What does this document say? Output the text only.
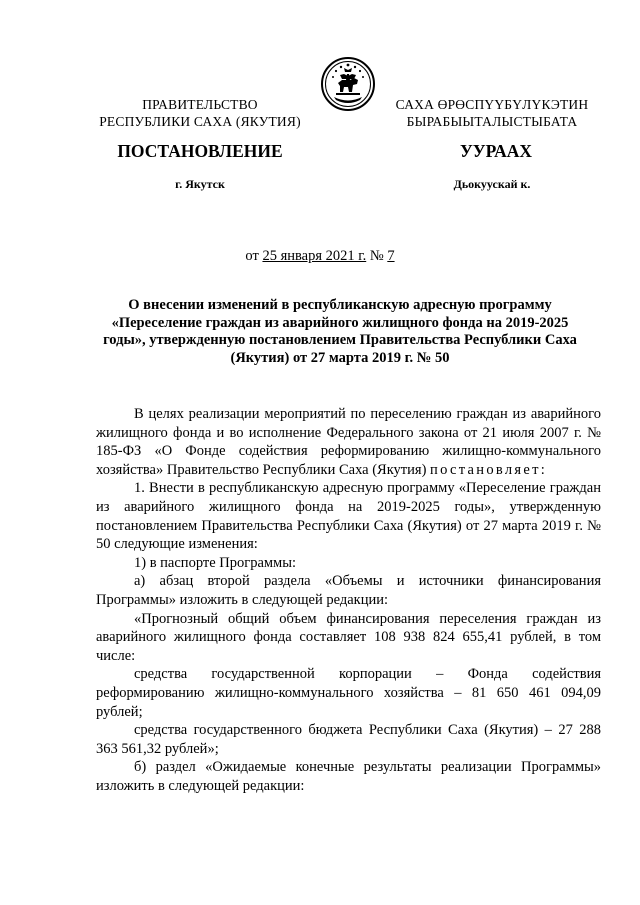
ПРАВИТЕЛЬСТВО
РЕСПУБЛИКИ САХА (ЯКУТИЯ)
САХА ӨРӨСПҮҮБҮЛҮКЭТИН
БЫРАБЫЫТАЛЫСТЫБАТА
ПОСТАНОВЛЕНИЕ	УУРААХ
г. Якутск	Дьокуускай к.
от 25 января 2021 г. № 7
О внесении изменений в республиканскую адресную программу
«Переселение граждан из аварийного жилищного фонда на 2019-2025
годы», утвержденную постановлением Правительства Республики Саха
(Якутия) от 27 марта 2019 г. № 50

В целях реализации мероприятий по переселению граждан из аварийного жилищного фонда и во исполнение Федерального закона от 21 июля 2007 г. № 185-ФЗ «О Фонде содействия реформированию жилищно-коммунального хозяйства» Правительство Республики Саха (Якутия) постановляет:

1. Внести в республиканскую адресную программу «Переселение граждан из аварийного жилищного фонда на 2019-2025 годы», утвержденную постановлением Правительства Республики Саха (Якутия) от 27 марта 2019 г. № 50 следующие изменения:

1) в паспорте Программы:

а) абзац второй раздела «Объемы и источники финансирования Программы» изложить в следующей редакции:

«Прогнозный общий объем финансирования переселения граждан из аварийного жилищного фонда составляет 108 938 824 655,41 рублей, в том числе:

средства государственной корпорации – Фонда содействия реформированию жилищно-коммунального хозяйства – 81 650 461 094,09 рублей;

средства государственного бюджета Республики Саха (Якутия) – 27 288 363 561,32 рублей»;

б) раздел «Ожидаемые конечные результаты реализации Программы» изложить в следующей редакции:
